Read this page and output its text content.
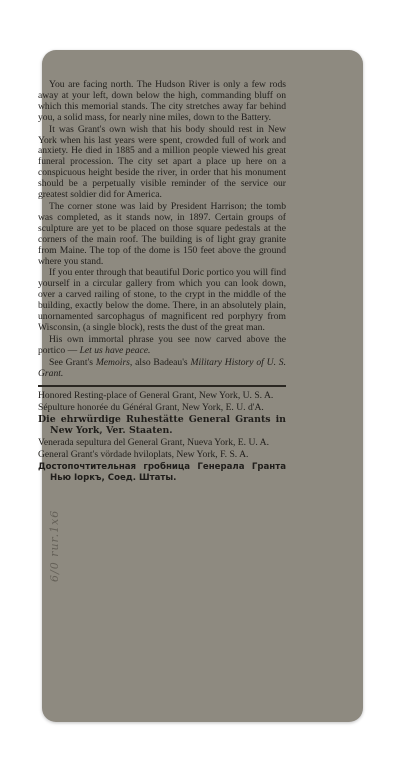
6/0 rur.1x6

You are facing north. The Hudson River is only a few rods away at your left, down below the high, commanding bluff on which this memorial stands. The city stretches away far behind you, a solid mass, for nearly nine miles, down to the Battery.

It was Grant's own wish that his body should rest in New York when his last years were spent, crowded full of work and anxiety. He died in 1885 and a million people viewed his great funeral procession. The city set apart a place up here on a conspicuous height beside the river, in order that his monument should be a perpetually visible reminder of the service our greatest soldier did for America.

The corner stone was laid by President Harrison; the tomb was completed, as it stands now, in 1897. Certain groups of sculpture are yet to be placed on those square pedestals at the corners of the main roof. The building is of light gray granite from Maine. The top of the dome is 150 feet above the ground where you stand.

If you enter through that beautiful Doric portico you will find yourself in a circular gallery from which you can look down, over a carved railing of stone, to the crypt in the middle of the building, exactly below the dome. There, in an absolutely plain, unornamented sarcophagus of magnificent red porphyry from Wisconsin, (a single block), rests the dust of the great man.

His own immortal phrase you see now carved above the portico — Let us have peace.

See Grant's Memoirs, also Badeau's Military History of U. S. Grant.

Honored Resting-place of General Grant, New York, U. S. A.

Sépulture honorée du Général Grant, New York, E. U. d'A.

Die ehrwürdige Ruhestätte General Grants in New York, Ver. Staaten.

Venerada sepultura del General Grant, Nueva York, E. U. A.

General Grant's vördade hviloplats, New York, F. S. A.

Достопочтительная гробница Генерала Гранта Нью Іоркъ, Соед. Штаты.
